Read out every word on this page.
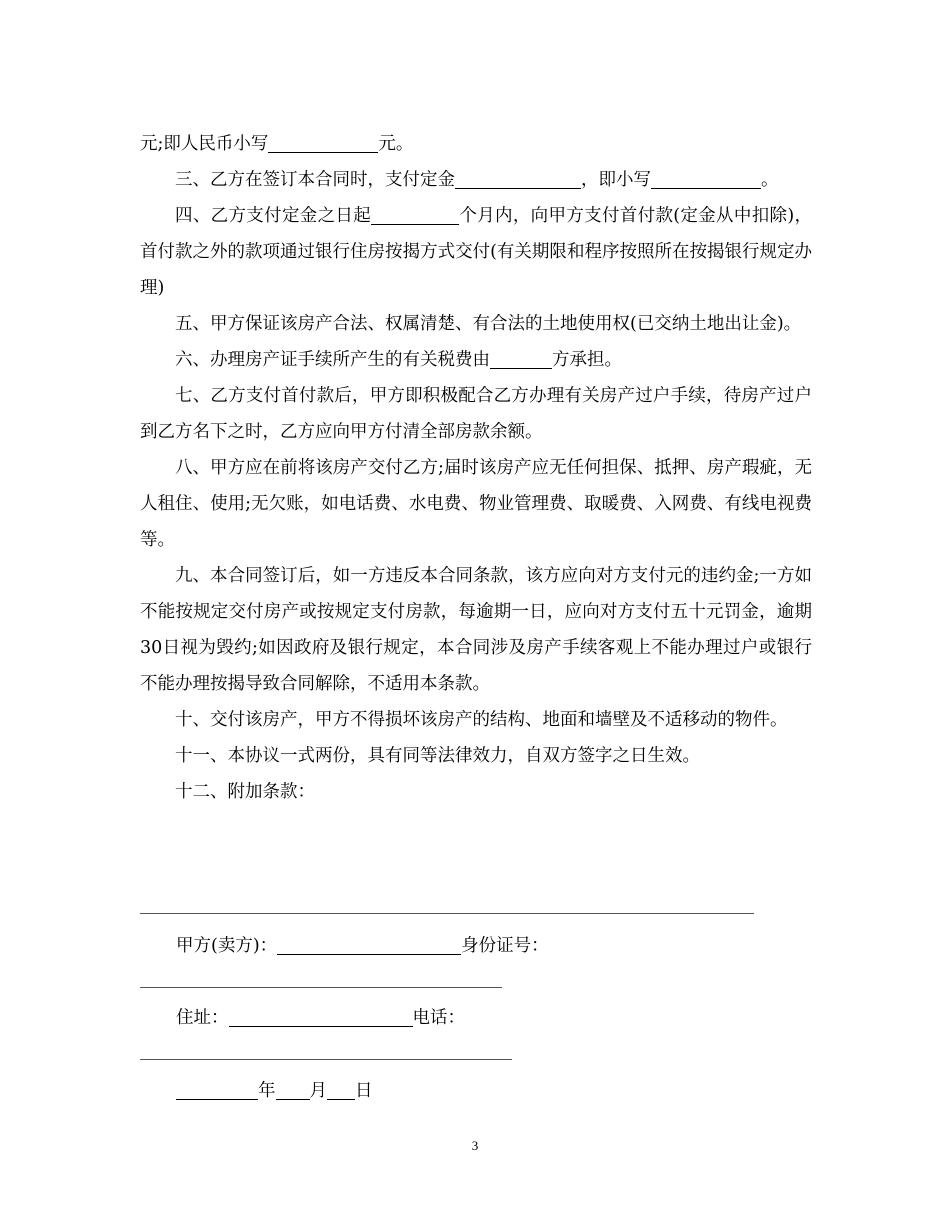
元;即人民币小写	元。

三、乙方在签订本合同时，支付定金	，即小写	。

四、乙方支付定金之日起	个月内，向甲方支付首付款(定金从中扣除)，首付款之外的款项通过银行住房按揭方式交付(有关期限和程序按照所在按揭银行规定办理)

五、甲方保证该房产合法、权属清楚、有合法的土地使用权(已交纳土地出让金)。

六、办理房产证手续所产生的有关税费由	方承担。

七、乙方支付首付款后，甲方即积极配合乙方办理有关房产过户手续，待房产过户到乙方名下之时，乙方应向甲方付清全部房款余额。

八、甲方应在前将该房产交付乙方;届时该房产应无任何担保、抵押、房产瑕疵，无人租住、使用;无欠账，如电话费、水电费、物业管理费、取暖费、入网费、有线电视费等。

九、本合同签订后，如一方违反本合同条款，该方应向对方支付元的违约金;一方如不能按规定交付房产或按规定支付房款，每逾期一日，应向对方支付五十元罚金，逾期30日视为毁约;如因政府及银行规定，本合同涉及房产手续客观上不能办理过户或银行不能办理按揭导致合同解除，不适用本条款。

十、交付该房产，甲方不得损坏该房产的结构、地面和墙壁及不适移动的物件。

十一、本协议一式两份，具有同等法律效力，自双方签字之日生效。

十二、附加条款：

甲方(卖方)：	身份证号：
住址：	电话：
年 月 日
3
